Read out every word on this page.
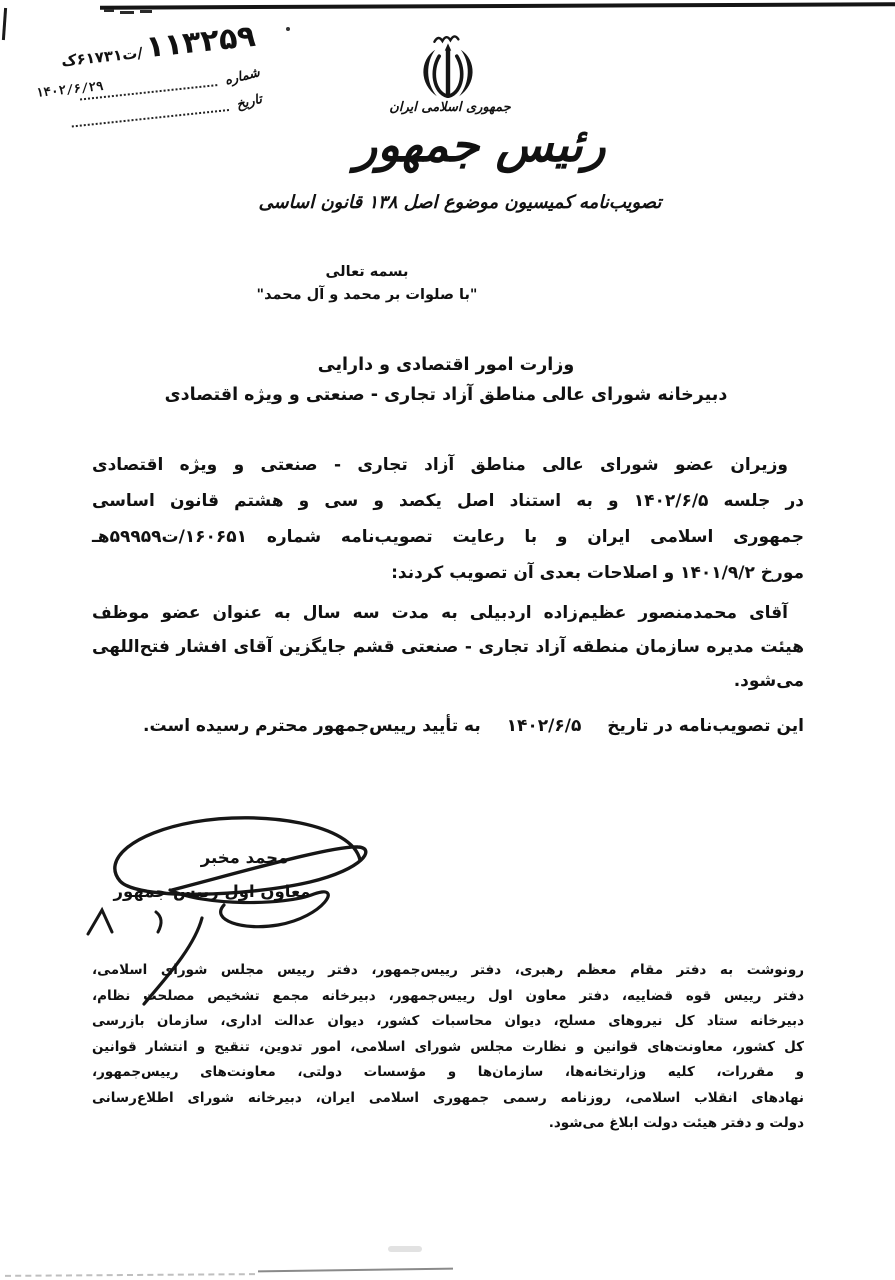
۱۱۳۲۵۹/ت۶۱۷۳۱ک
شماره
۱۴۰۲/۶/۲۹
تاریخ	جمهوری اسلامی ایران
رئیس جمهور
تصویب‌نامه کمیسیون موضوع اصل ۱۳۸ قانون اساسی
بسمه تعالی
"با صلوات بر محمد و آل محمد"
وزارت امور اقتصادی و دارایی
دبیرخانه شورای عالی مناطق آزاد تجاری - صنعتی و ویژه اقتصادی
وزیران عضو شورای عالی مناطق آزاد تجاری - صنعتی و ویژه اقتصادی
در جلسه ۱۴۰۲/۶/۵ و به استناد اصل یکصد و سی و هشتم قانون اساسی
جمهوری اسلامی ایران و با رعایت تصویب‌نامه شماره ۱۶۰۶۵۱/ت۵۹۹۵۹هـ
مورخ ۱۴۰۱/۹/۲ و اصلاحات بعدی آن تصویب کردند:
آقای محمدمنصور عظیم‌زاده اردبیلی به مدت سه سال به عنوان عضو موظف
هیئت مدیره سازمان منطقه آزاد تجاری - صنعتی قشم جایگزین آقای افشار فتح‌اللهی
می‌شود.
این تصویب‌نامه در تاریخ ۱۴۰۲/۶/۵ به تأیید رییس‌جمهور محترم رسیده است.
محمد مخبر
معاون اول رییس جمهور
رونوشت به دفتر مقام معظم رهبری، دفتر رییس‌جمهور، دفتر رییس مجلس شورای اسلامی،
دفتر رییس قوه قضاییه، دفتر معاون اول رییس‌جمهور، دبیرخانه مجمع تشخیص مصلحت نظام،
دبیرخانه ستاد کل نیروهای مسلح، دیوان محاسبات کشور، دیوان عدالت اداری، سازمان بازرسی
کل کشور، معاونت‌های قوانین و نظارت مجلس شورای اسلامی، امور تدوین، تنقیح و انتشار قوانین
و مقررات، کلیه وزارتخانه‌ها، سازمان‌ها و مؤسسات دولتی، معاونت‌های رییس‌جمهور،
نهادهای انقلاب اسلامی، روزنامه رسمی جمهوری اسلامی ایران، دبیرخانه شورای اطلاع‌رسانی
دولت و دفتر هیئت دولت ابلاغ می‌شود.
